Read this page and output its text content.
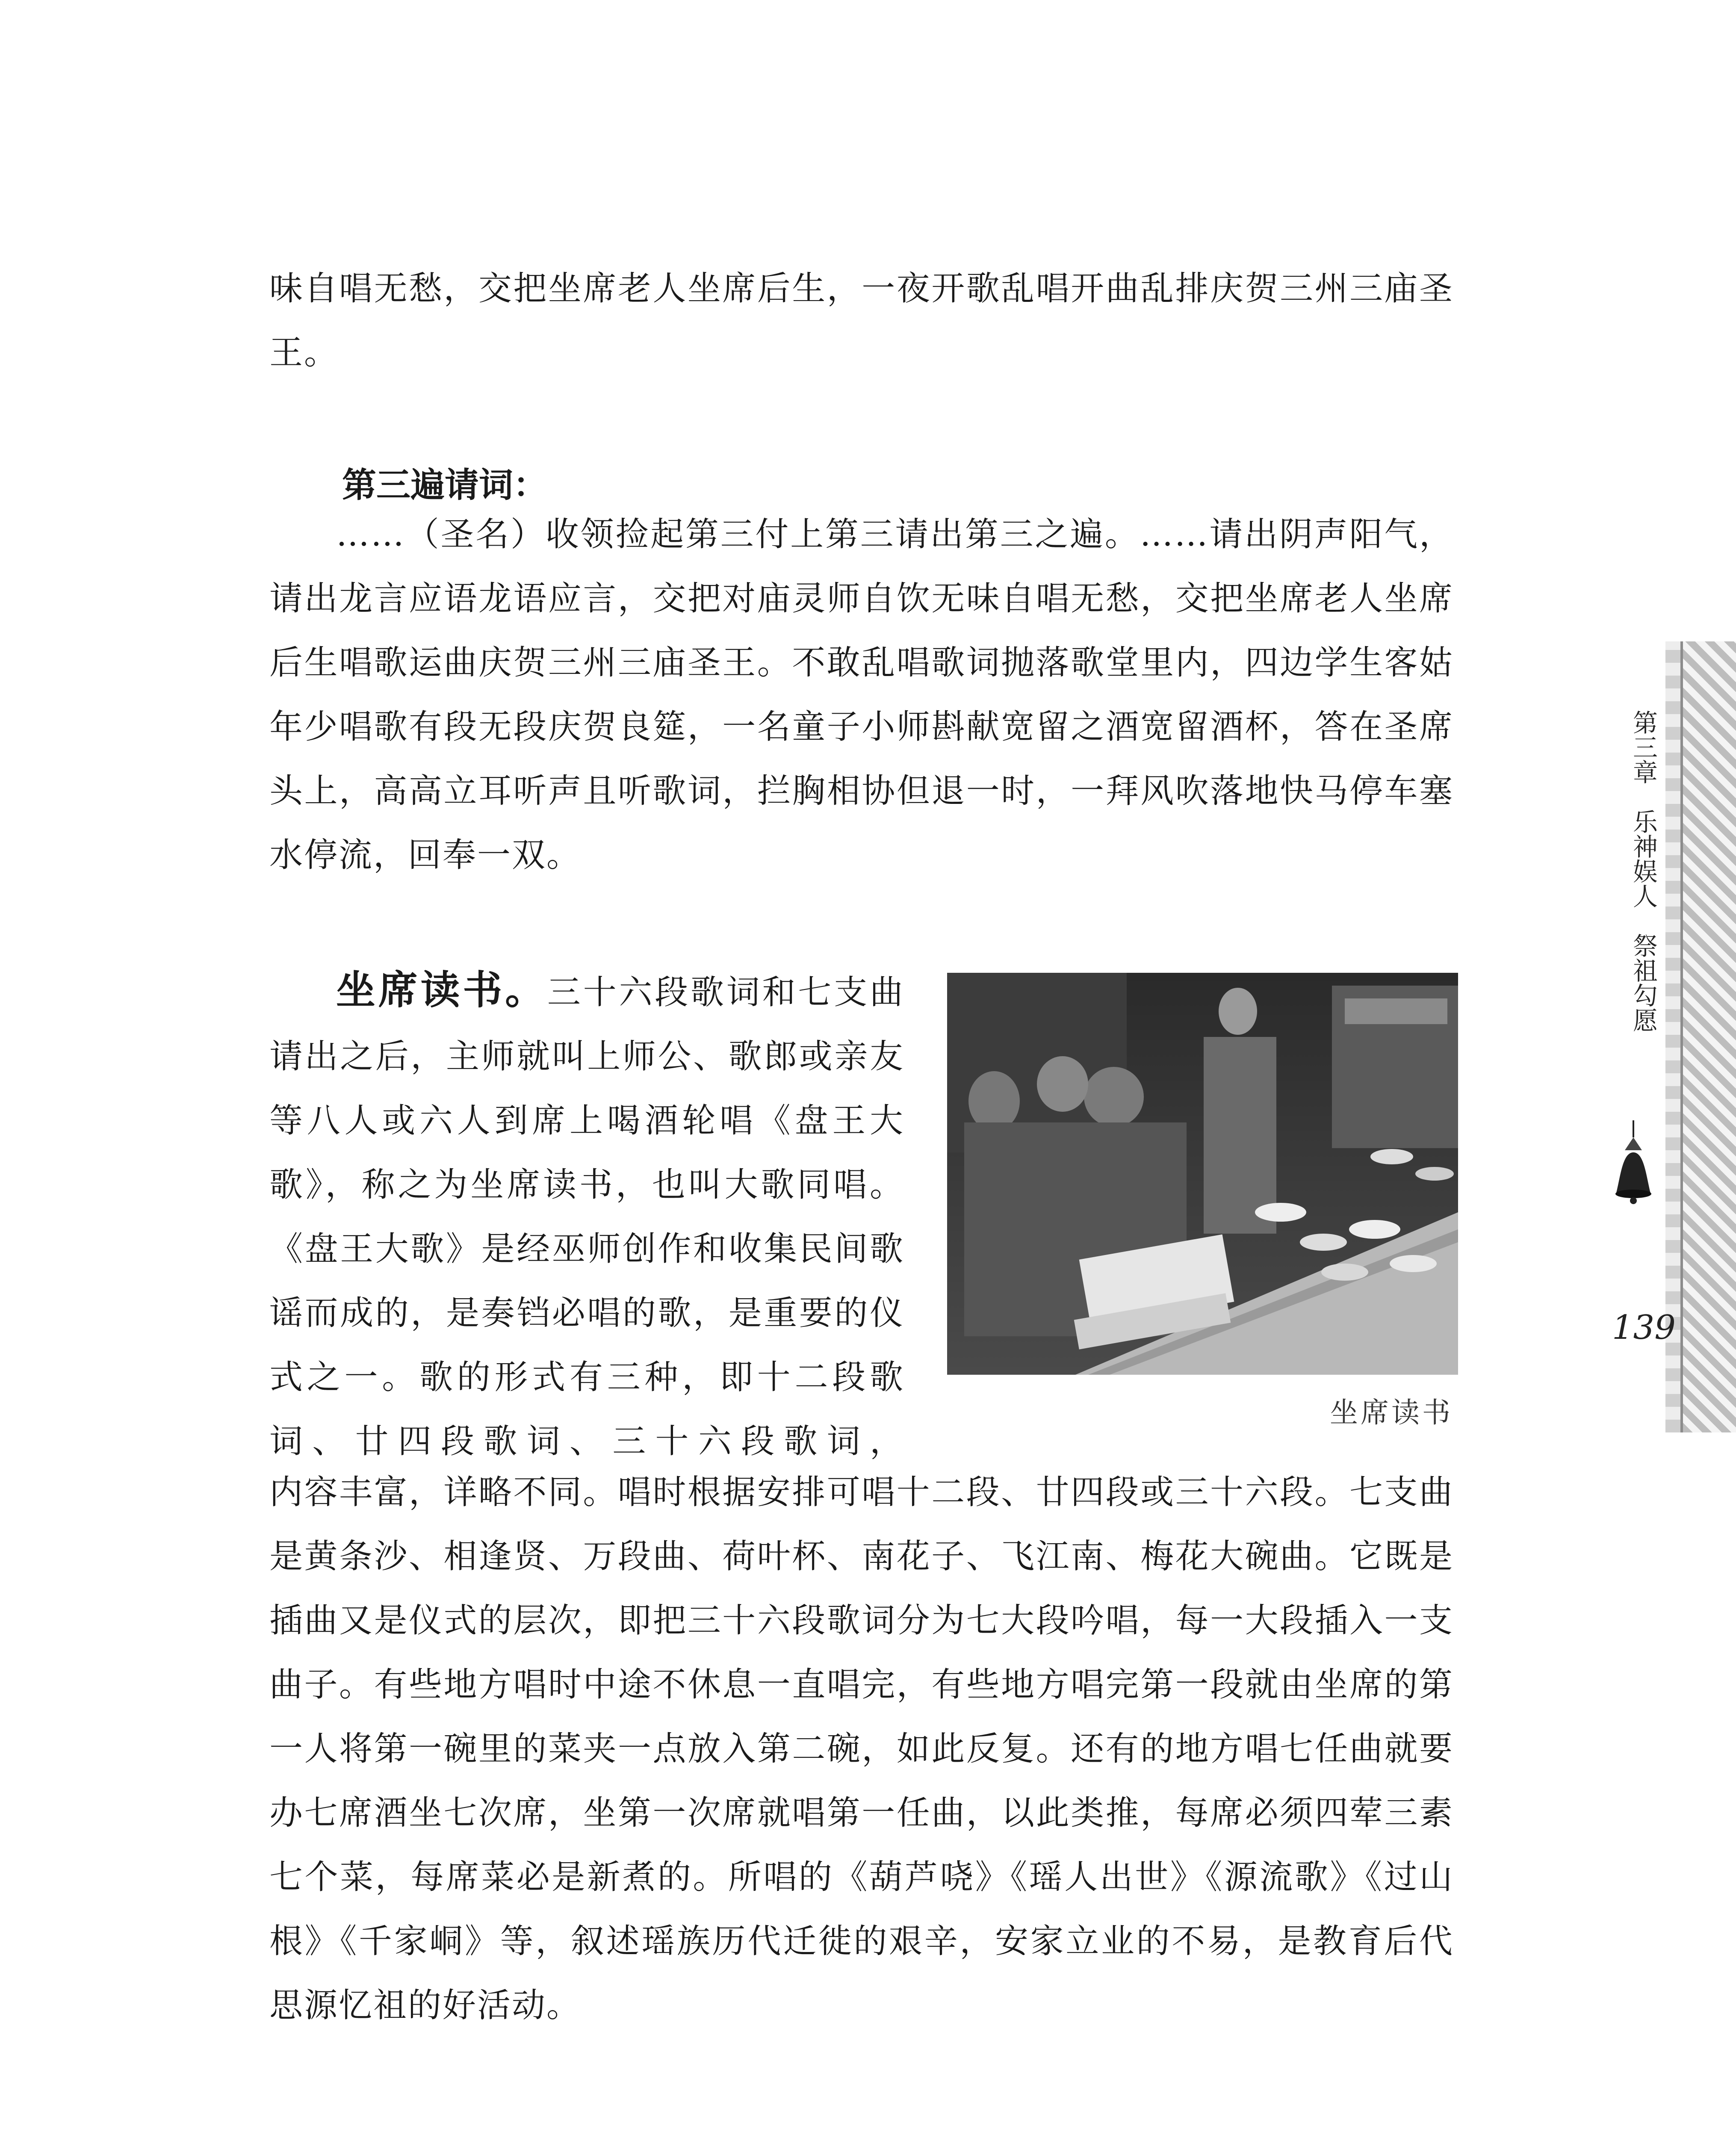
味自唱无愁，交把坐席老人坐席后生，一夜开歌乱唱开曲乱排庆贺三州三庙圣王。

第三遍请词：

……（圣名）收领捡起第三付上第三请出第三之遍。……请出阴声阳气，请出龙言应语龙语应言，交把对庙灵师自饮无味自唱无愁，交把坐席老人坐席后生唱歌运曲庆贺三州三庙圣王。不敢乱唱歌词抛落歌堂里内，四边学生客姑年少唱歌有段无段庆贺良筵，一名童子小师斟献宽留之酒宽留酒杯，答在圣席头上，高高立耳听声且听歌词，拦胸相协但退一时，一拜风吹落地快马停车塞水停流，回奉一双。

坐席读书。三十六段歌词和七支曲请出之后，主师就叫上师公、歌郎或亲友等八人或六人到席上喝酒轮唱《盘王大歌》，称之为坐席读书，也叫大歌同唱。《盘王大歌》是经巫师创作和收集民间歌谣而成的，是奏铛必唱的歌，是重要的仪式之一。歌的形式有三种，即十二段歌词、廿四段歌词、三十六段歌词，

坐席读书

内容丰富，详略不同。唱时根据安排可唱十二段、廿四段或三十六段。七支曲是黄条沙、相逢贤、万段曲、荷叶杯、南花子、飞江南、梅花大碗曲。它既是插曲又是仪式的层次，即把三十六段歌词分为七大段吟唱，每一大段插入一支曲子。有些地方唱时中途不休息一直唱完，有些地方唱完第一段就由坐席的第一人将第一碗里的菜夹一点放入第二碗，如此反复。还有的地方唱七任曲就要办七席酒坐七次席，坐第一次席就唱第一任曲，以此类推，每席必须四荤三素七个菜，每席菜必是新煮的。所唱的《葫芦哓》《瑶人出世》《源流歌》《过山根》《千家峒》等，叙述瑶族历代迁徙的艰辛，安家立业的不易，是教育后代思源忆祖的好活动。

第三章　乐神娱人　祭祖勾愿
139
